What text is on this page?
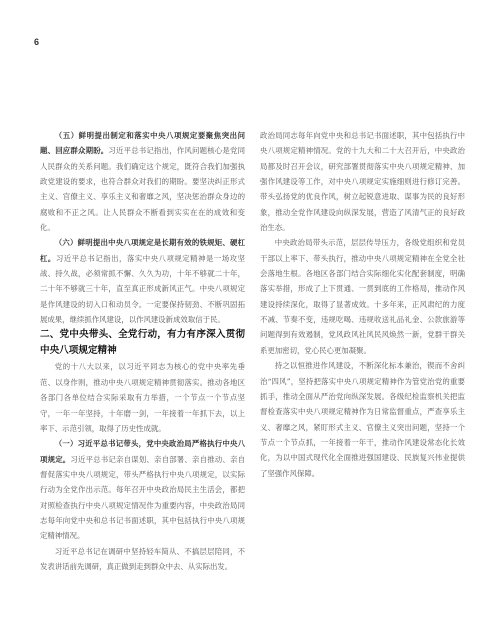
6

（五）鲜明提出制定和落实中央八项规定要聚焦突出问题、回应群众期盼。习近平总书记指出，作风问题核心是党同人民群众的关系问题。我们确定这个规定，既符合我们加强执政党建设的要求，也符合群众对我们的期盼。要坚决纠正形式主义、官僚主义、享乐主义和奢靡之风，坚决惩治群众身边的腐败和不正之风。让人民群众不断看到实实在在的成效和变化。

（六）鲜明提出中央八项规定是长期有效的铁规矩、硬杠杠。习近平总书记指出，落实中央八项规定精神是一场攻坚战、持久战，必须常抓不懈、久久为功，十年不够就二十年，二十年不够就三十年，直至真正形成新风正气。中央八项规定是作风建设的切入口和动员令。一定要保持韧劲、不断巩固拓展成果，继续抓作风建设，以作风建设新成效取信于民。

二、党中央带头、全党行动，有力有序深入贯彻中央八项规定精神

党的十八大以来，以习近平同志为核心的党中央率先垂范、以身作则，推动中央八项规定精神贯彻落实。推动各地区各部门各单位结合实际采取有力举措，一个节点一个节点坚守，一年一年坚持，十年磨一剑，一年接着一年抓下去，以上率下、示范引领，取得了历史性成就。

（一）习近平总书记带头，党中央政治局严格执行中央八项规定。习近平总书记亲自谋划、亲自部署、亲自推动、亲自督促落实中央八项规定，带头严格执行中央八项规定，以实际行动为全党作出示范。每年召开中央政治局民主生活会，都把对照检查执行中央八项规定情况作为重要内容，中央政治局同志每年向党中央和总书记书面述职，其中包括执行中央八项规定精神情况。

习近平总书记在调研中坚持轻车简从、不搞层层陪同，不发表讲话前先调研，真正做到走到群众中去、从实际出发。

政治局同志每年向党中央和总书记书面述职，其中包括执行中央八项规定精神情况。党的十九大和二十大召开后，中央政治局都及时召开会议，研究部署贯彻落实中央八项规定精神、加强作风建设等工作，对中央八项规定实施细则进行修订完善。带头弘扬党的优良作风，树立起锐意进取、谋事为民的良好形象，推动全党作风建设向纵深发展，营造了风清气正的良好政治生态。

中央政治局带头示范，层层传导压力，各级党组织和党员干部以上率下、带头执行，推动中央八项规定精神在全党全社会落地生根。各地区各部门结合实际细化实化配套制度，明确落实举措，形成了上下贯通、一贯到底的工作格局，推动作风建设持续深化，取得了显著成效。十多年来，正风肃纪的力度不减、节奏不变，违规吃喝、违规收送礼品礼金、公款旅游等问题得到有效遏制，党风政风社风民风焕然一新，党群干群关系更加密切，党心民心更加凝聚。

持之以恒推进作风建设，不断深化标本兼治，锲而不舍纠治“四风”，坚持把落实中央八项规定精神作为管党治党的重要抓手，推动全面从严治党向纵深发展。各级纪检监察机关把监督检查落实中央八项规定精神作为日常监督重点，严查享乐主义、奢靡之风，紧盯形式主义、官僚主义突出问题，坚持一个节点一个节点抓，一年接着一年干，推动作风建设常态化长效化，为以中国式现代化全面推进强国建设、民族复兴伟业提供了坚强作风保障。
